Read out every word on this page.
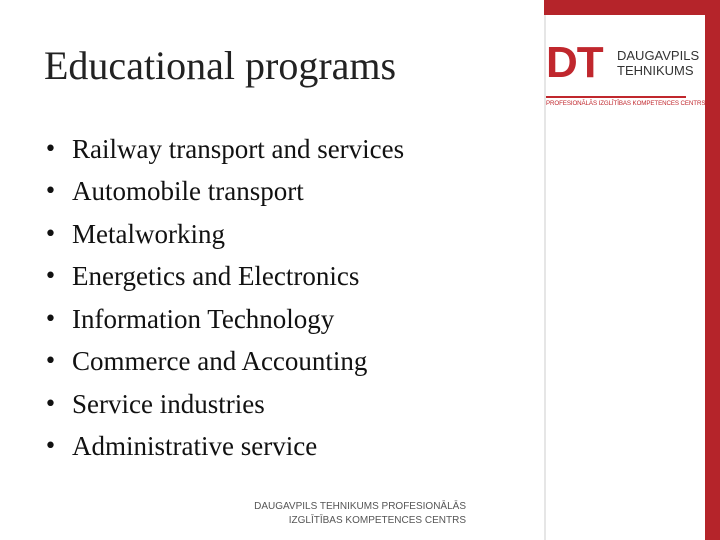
Educational programs
• Railway transport and services
• Automobile transport
• Metalworking
• Energetics and Electronics
• Information Technology
• Commerce and Accounting
• Service industries
• Administrative service
DAUGAVPILS TEHNIKUMS PROFESIONĀLĀS
IZGLĪTĪBAS KOMPETENCES CENTRS
DT DAUGAVPILS
TEHNIKUMS
PROFESIONĀLĀS IZGLĪTĪBAS KOMPETENCES CENTRS
